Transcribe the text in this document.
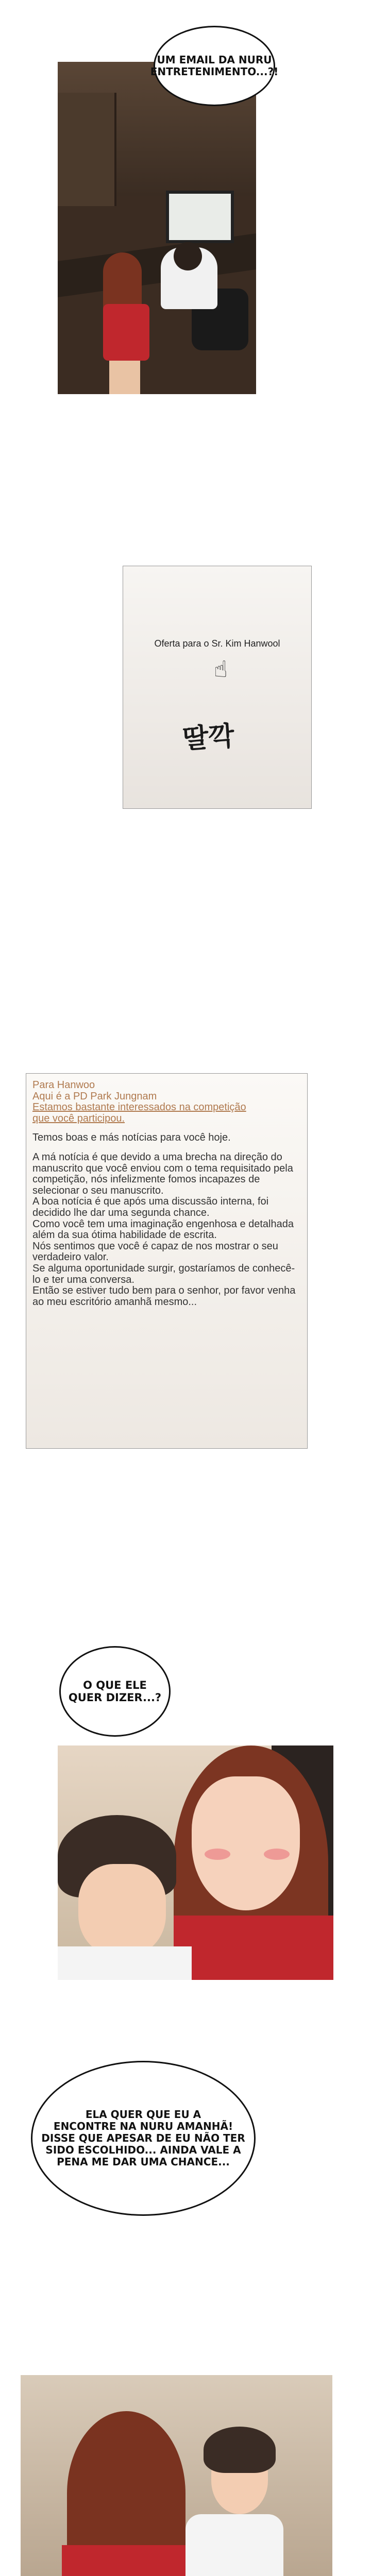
UM EMAIL DA NURU
ENTRETENIMENTO...?!
Oferta para o Sr. Kim Hanwool
☝
딸깍
Para Hanwoo
Aqui é a PD Park Jungnam
Estamos bastante interessados na competição
que você participou.

Temos boas e más notícias para você hoje.

A má notícia é que devido a uma brecha na direção do manuscrito que você enviou com o tema requisitado pela competição, nós infelizmente fomos incapazes de selecionar o seu manuscrito.
A boa notícia é que após uma discussão interna, foi decidido lhe dar uma segunda chance.
Como você tem uma imaginação engenhosa e detalhada além da sua ótima habilidade de escrita.
Nós sentimos que você é capaz de nos mostrar o seu verdadeiro valor.
Se alguma oportunidade surgir, gostaríamos de conhecê-lo e ter uma conversa.
Então se estiver tudo bem para o senhor, por favor venha ao meu escritório amanhã mesmo...
O QUE ELE
QUER DIZER...?
ELA QUER QUE EU A
ENCONTRE NA NURU AMANHÃ!
DISSE QUE APESAR DE EU NÃO TER
SIDO ESCOLHIDO... AINDA VALE A
PENA ME DAR UMA CHANCE...
